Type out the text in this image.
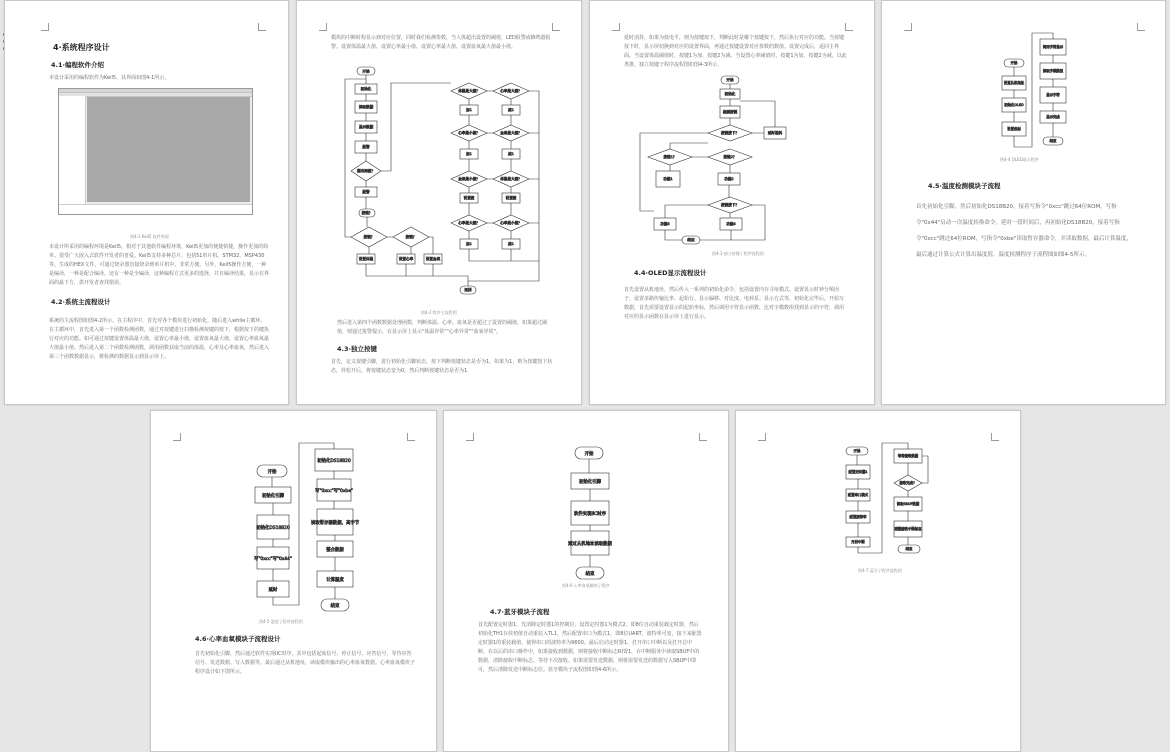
4·系统程序设计
4.1·编程软件介绍
本设计采用的编程软件为Keil5，其界面如图4-1所示。
图4-1 Keil5 软件界面
本设计所采用的编程环境是Keil5。相对于其他软件编程环境，Keil5更加的便捷快捷，操作更加的简单。很受广大嵌入式软件开发者的喜爱。Keil5支持多种芯片，包括51单片机、STM32、MSP430等。生成的HEX文件，可通过烧录器直接烧录到单片机中。非常方便。另外，Keil5操作方便，一种是编译，一种是配合编译，还有一种是全编译，这种编程方式更多的选择，并且编译结果，显示在界面的最下方，供开发者查找错误。
4.2·系统主流程设计
系统的主流程图如图4-2所示。在主程序中，首先对各个模块进行初始化，随后进入while主循环。在主循环中，首先进入第一个函数检测函数，通过对按键进行扫描检测按键的按下，根据按下的键执行对应的功能。如可通过按键设置体温最大值，设置心率最小值，设置血氧最大值，设置心率血氧最大值最小值。然后进入第二个函数检测函数，调用函数获取当前的体温，心率及心率血氧，然后进入第三个函数数据显示，将检测的数据显示到显示屏上。
模块的中断时程显示到对应位置，同时我们检测参数，当人体超出设置的阈值，LED报警或蜂鸣器报警。设置体温最大值、设置心率最小值、设置心率最大值、设置血氧最大值最小值。
开始
初始化
读取数据
显示数据
报警
超出阈值？
报警
按键？
按键？	按键？
设置体温	设置心率	设置血氧
返回
体温最大值？	心率最大值？
加1	减1
心率最小值？	血氧最大值？
加1	减1
血氧最小值？	体温最大值？
设置值	设置值
心率最大值？	心率最小值？
加1	减1
图4-2 程序主流程图
然后进入第四个函数数据处理函数，判断体温、心率、血氧是否超过了设置的阈值，如果超过阈值，则通过报警提示，在显示屏上显示"体温异常""心率异常""血氧异常"。
4.3·独立按键
首先，定义按键引脚，进行初始化引脚状态，按下判断按键状态是否为1，如果为1，则为按键按下状态，待松开后，将按键状态变为0，然后判断按键状态是否为1
延时消抖，如果为低电平，则为按键按下，判断此时是哪个按键按下，然后执行对应的功能。当按键按下时，显示屏切换到对应的设置界面，再通过按键设置对应参数的数值。设置完成后，返回主界面。当设置体温阈值时，按键1为加，按键2为减。当设置心率阈值时，按键1为加，按键2为减，以此类推。独立按键子程序流程图如图4-3所示。
开始
初始化
检测按键
按键按下？	延时消抖
按键1？	按键2？
功能1	功能2
按键按下？
功能3	功能4
结束
图4-3 独立按键子程序流程图
4.4·OLED显示流程设计
首先设置从机地址，然后传入一系列的初始化命令，包括设置内存寻址模式、设置显示时钟分频因子、设置多路传输比率、起始行、显示偏移、对比度、电荷泵、显示方式等。初始化完毕后，开始写数据，首先需要设置显示的起始坐标，然后调用字符显示函数，比对字模数组找到显示的字符，调用对应的显示函数在显示屏上进行显示。
开始
设置从机地址
初始化OLED
设置坐标
调用字符显示
读取字模数组
显示字符
显示完成
结束
图4-4 OLED显示程序
4.5·温度检测模块子流程
首先初始化引脚，然后初始化DS18B20，接着写指令"0xcc"跳过64位ROM，写指令"0x44"启动一次温度转换命令，延时一段时间后，再初始化DS18B20，接着写指令"0xcc"跳过64位ROM，写指令"0xbe"读取暂存器命令，并读取数据，最后计算温度，最后通过计算公式计算出温度值。温度检测程序子流程图如图4-5所示。
开始
初始化引脚
初始化DS18B20
写"0xcc"写"0x44"
延时
初始化DS18B20
写"0xcc"写"0xbe"
读取暂存器数据，高字节
整合数据
计算温度
结束
图4-5 温度子程序流程图
4.6·心率血氧模块子流程设计
首先初始化引脚，然后通过软件实现IIC时序，其中包括起始信号、停止信号、应答信号、等待应答信号、发送数据、写入数据等。最后通过从机地址，读取模块输出的心率血氧数据。心率血氧模块子程序设计如下图所示。
开始
初始化引脚
软件实现IIC时序
通过从机地址读取数据
结束
图4-6 心率血氧模块子程序
4.7·蓝牙模块子流程
首先配置定时器1，先清除定时器1的控制位，设置定时器1为模式2，即8位自动重装载定时器，然后初始化TH1存放初值自动重装入TL1，然后配置串口为模式1，即8位UART，波特率可变，接下来配置定时器1的重装载值，使得串口的波特率为9600。最后启动定时器1，打开串口中断以及打开总中断，在以后的串口操作中，如果接收到数据，则将接收中断标志RI置1，在中断服务中读取SBUF中的数据，清除接收中断标志。等待下次接收。如果需要发送数据，则将需要发送的数据写入SBUF中即可，然后清除发送中断标志位。蓝牙模块子流程图如图4-6所示。
开始
配置定时器1
配置串口模式
配置波特率
开启中断
等待接收数据
接收完成？
读取SBUF数据
清除接收中断标志
结束
图4-7 蓝牙子程序流程图
